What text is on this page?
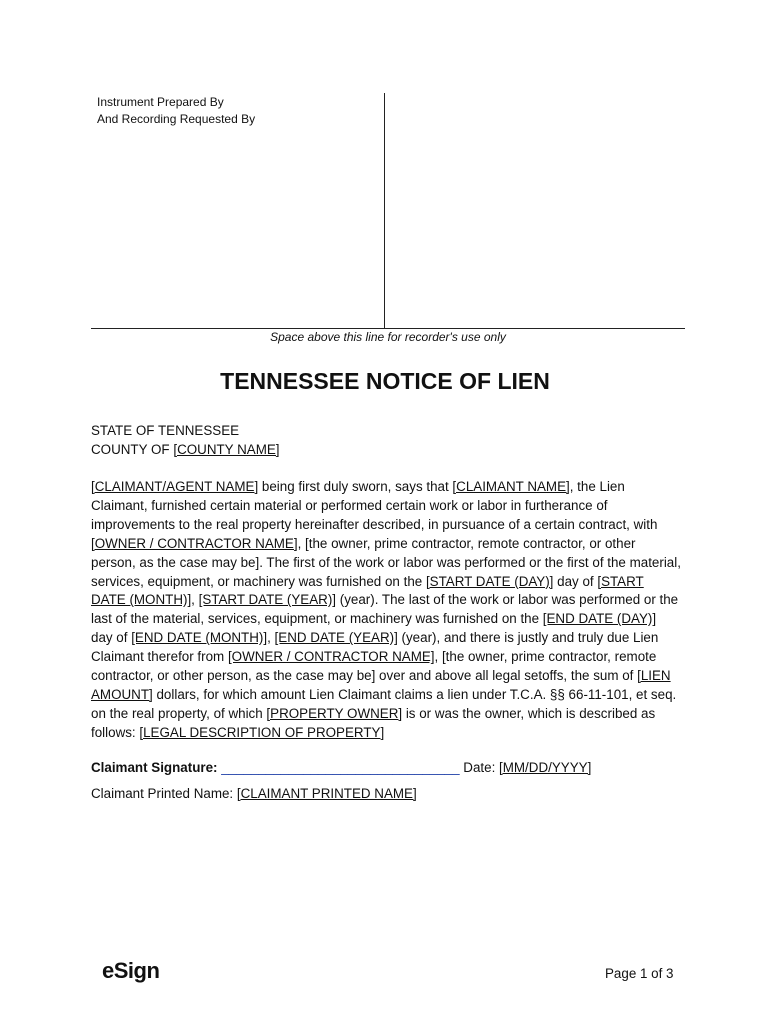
Instrument Prepared By
And Recording Requested By
Space above this line for recorder's use only
TENNESSEE NOTICE OF LIEN
STATE OF TENNESSEE
COUNTY OF [COUNTY NAME]

[CLAIMANT/AGENT NAME] being first duly sworn, says that [CLAIMANT NAME], the Lien Claimant, furnished certain material or performed certain work or labor in furtherance of improvements to the real property hereinafter described, in pursuance of a certain contract, with [OWNER / CONTRACTOR NAME], [the owner, prime contractor, remote contractor, or other person, as the case may be]. The first of the work or labor was performed or the first of the material, services, equipment, or machinery was furnished on the [START DATE (DAY)] day of [START DATE (MONTH)], [START DATE (YEAR)] (year). The last of the work or labor was performed or the last of the material, services, equipment, or machinery was furnished on the [END DATE (DAY)] day of [END DATE (MONTH)], [END DATE (YEAR)] (year), and there is justly and truly due Lien Claimant therefor from [OWNER / CONTRACTOR NAME], [the owner, prime contractor, remote contractor, or other person, as the case may be] over and above all legal setoffs, the sum of [LIEN AMOUNT] dollars, for which amount Lien Claimant claims a lien under T.C.A. §§ 66-11-101, et seq. on the real property, of which [PROPERTY OWNER] is or was the owner, which is described as follows: [LEGAL DESCRIPTION OF PROPERTY]

Claimant Signature: ________________________________ Date: [MM/DD/YYYY]
Claimant Printed Name: [CLAIMANT PRINTED NAME]
eSign	Page 1 of 3
